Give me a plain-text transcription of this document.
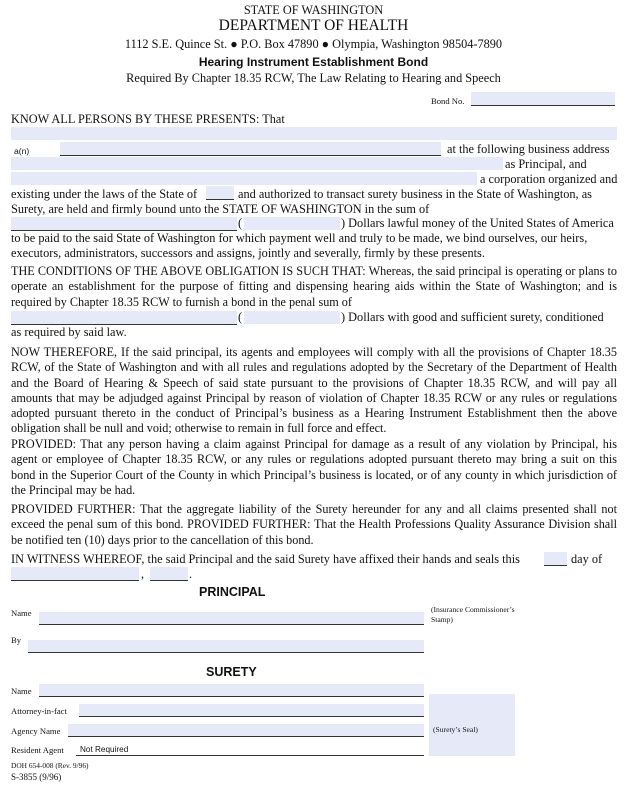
STATE OF WASHINGTON
DEPARTMENT OF HEALTH
1112 S.E. Quince St. ● P.O. Box 47890 ● Olympia, Washington 98504-7890
Hearing Instrument Establishment Bond
Required By Chapter 18.35 RCW, The Law Relating to Hearing and Speech
Bond No.
KNOW ALL PERSONS BY THESE PRESENTS: That
a(n)	at the following business address
as Principal, and
a corporation organized and
existing under the laws of the State of	and authorized to transact surety business in the State of Washington, as
Surety, are held and firmly bound unto the STATE OF WASHINGTON in the sum of
(	) Dollars lawful money of the United States of America
to be paid to the said State of Washington for which payment well and truly to be made, we bind ourselves, our heirs,
executors, administrators, successors and assigns, jointly and severally, firmly by these presents.

THE CONDITIONS OF THE ABOVE OBLIGATION IS SUCH THAT: Whereas, the said principal is operating or plans to operate an establishment for the purpose of fitting and dispensing hearing aids within the State of Washington; and is required by Chapter 18.35 RCW to furnish a bond in the penal sum of

(	) Dollars with good and sufficient surety, conditioned
as required by said law.

NOW THEREFORE, If the said principal, its agents and employees will comply with all the provisions of Chapter 18.35 RCW, of the State of Washington and with all rules and regulations adopted by the Secretary of the Department of Health and the Board of Hearing & Speech of said state pursuant to the provisions of Chapter 18.35 RCW, and will pay all amounts that may be adjudged against Principal by reason of violation of Chapter 18.35 RCW or any rules or regulations adopted pursuant thereto in the conduct of Principal’s business as a Hearing Instrument Establishment then the above obligation shall be null and void; otherwise to remain in full force and effect.

PROVIDED: That any person having a claim against Principal for damage as a result of any violation by Principal, his agent or employee of Chapter 18.35 RCW, or any rules or regulations adopted pursuant thereto may bring a suit on this bond in the Superior Court of the County in which Principal’s business is located, or of any county in which jurisdiction of the Principal may be had.

PROVIDED FURTHER: That the aggregate liability of the Surety hereunder for any and all claims presented shall not exceed the penal sum of this bond. PROVIDED FURTHER: That the Health Professions Quality Assurance Division shall be notified ten (10) days prior to the cancellation of this bond.

IN WITNESS WHEREOF, the said Principal and the said Surety have affixed their hands and seals this	day of
,	.
PRINCIPAL
Name
By
(Insurance Commissioner’s
Stamp)
SURETY
Name
Attorney-in-fact
Agency Name
Resident Agent Not Required
(Surety’s Seal)
DOH 654-008 (Rev. 9/96)
S-3855 (9/96)
